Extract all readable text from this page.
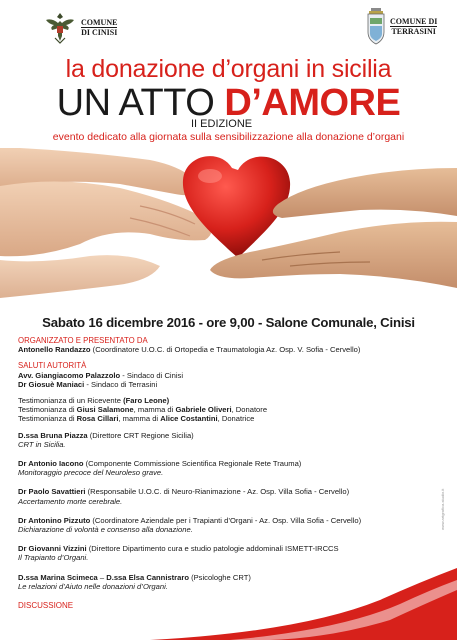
COMUNE
DI CINISI
COMUNE DI
TERRASINI
la donazione d’organi in sicilia
UN ATTO D’AMORE
II EDIZIONE
evento dedicato alla giornata sulla sensibilizzazione alla donazione d’organi
Sabato 16 dicembre 2016 - ore 9,00 - Salone Comunale, Cinisi
ORGANIZZATO E PRESENTATO DA
Antonello Randazzo (Coordinatore U.O.C. di Ortopedia e Traumatologia Az. Osp. V. Sofia - Cervello)
SALUTI AUTORITÀ
Avv. Giangiacomo Palazzolo - Sindaco di Cinisi
Dr Giosuè Maniaci - Sindaco di Terrasini
Testimonianza di un Ricevente (Faro Leone)
Testimonianza di Giusi Salamone, mamma di Gabriele Oliveri, Donatore
Testimonianza di Rosa Cillari, mamma di Alice Costantini, Donatrice
D.ssa Bruna Piazza (Direttore CRT Regione Sicilia)
CRT in Sicilia.
Dr Antonio Iacono (Componente Commissione Scientifica Regionale Rete Trauma)
Monitoraggio precoce del Neuroleso grave.
Dr Paolo Savattieri (Responsabile U.O.C. di Neuro-Rianimazione - Az. Osp. Villa Sofia - Cervello)
Accertamento morte cerebrale.
Dr Antonino Pizzuto (Coordinatore Aziendale per i Trapianti d’Organi - Az. Osp. Villa Sofia - Cervello)
Dichiarazione di volontà e consenso alla donazione.
Dr Giovanni Vizzini (Direttore Dipartimento cura e studio patologie addominali ISMETT-IRCCS
Il Trapianto d’Organi.
D.ssa Marina Scimeca – D.ssa Elsa Cannistraro (Psicologhe CRT)
Le relazioni d’Aiuto nelle donazioni d’Organi.
DISCUSSIONE
www.artgrafica-studio.it
